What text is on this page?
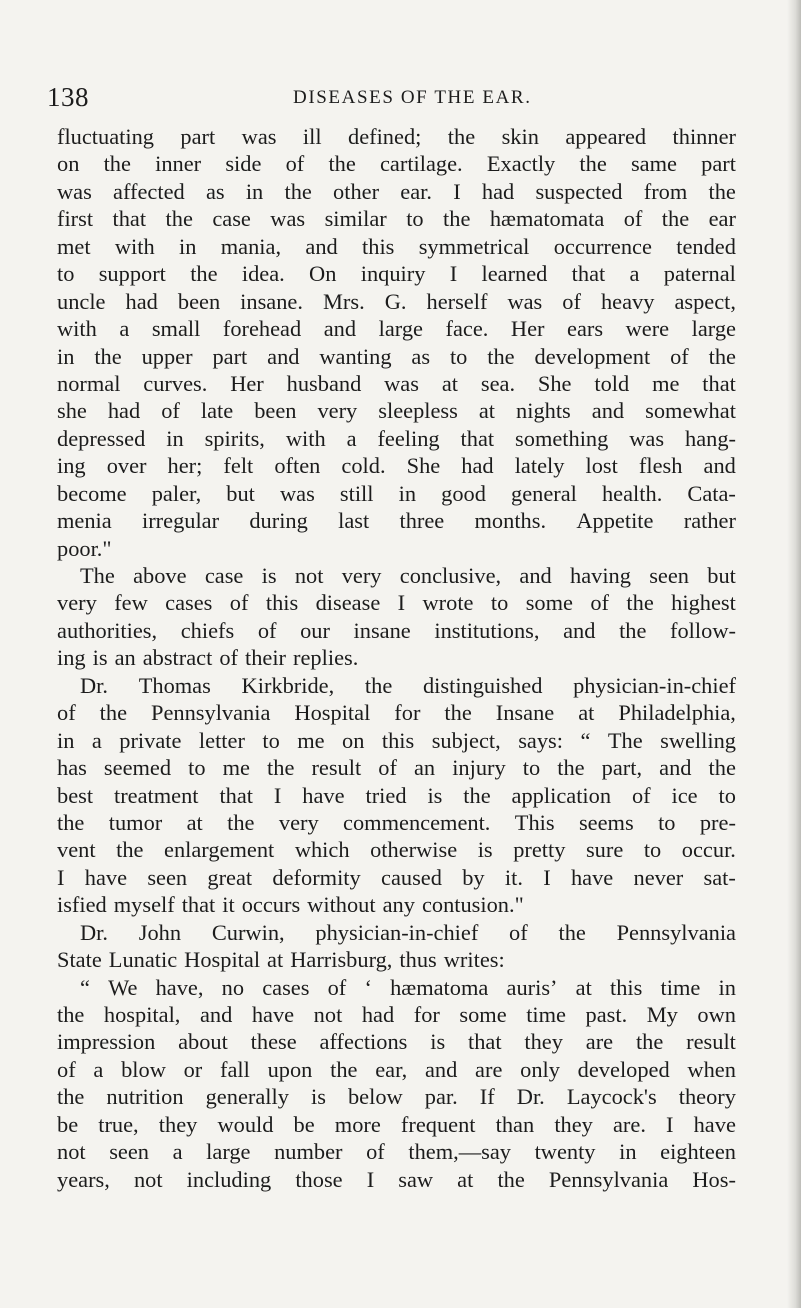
138	DISEASES OF THE EAR.
fluctuating part was ill defined; the skin appeared thinner
on the inner side of the cartilage. Exactly the same part
was affected as in the other ear. I had suspected from the
first that the case was similar to the hæmatomata of the ear
met with in mania, and this symmetrical occurrence tended
to support the idea. On inquiry I learned that a paternal
uncle had been insane. Mrs. G. herself was of heavy aspect,
with a small forehead and large face. Her ears were large
in the upper part and wanting as to the development of the
normal curves. Her husband was at sea. She told me that
she had of late been very sleepless at nights and somewhat
depressed in spirits, with a feeling that something was hang-
ing over her; felt often cold. She had lately lost flesh and
become paler, but was still in good general health. Cata-
menia irregular during last three months. Appetite rather
poor."
The above case is not very conclusive, and having seen but
very few cases of this disease I wrote to some of the highest
authorities, chiefs of our insane institutions, and the follow-
ing is an abstract of their replies.
Dr. Thomas Kirkbride, the distinguished physician-in-chief
of the Pennsylvania Hospital for the Insane at Philadelphia,
in a private letter to me on this subject, says: “ The swelling
has seemed to me the result of an injury to the part, and the
best treatment that I have tried is the application of ice to
the tumor at the very commencement. This seems to pre-
vent the enlargement which otherwise is pretty sure to occur.
I have seen great deformity caused by it. I have never sat-
isfied myself that it occurs without any contusion."
Dr. John Curwin, physician-in-chief of the Pennsylvania
State Lunatic Hospital at Harrisburg, thus writes:
“ We have, no cases of ‘ hæmatoma auris’ at this time in
the hospital, and have not had for some time past. My own
impression about these affections is that they are the result
of a blow or fall upon the ear, and are only developed when
the nutrition generally is below par. If Dr. Laycock's theory
be true, they would be more frequent than they are. I have
not seen a large number of them,—say twenty in eighteen
years, not including those I saw at the Pennsylvania Hos-
